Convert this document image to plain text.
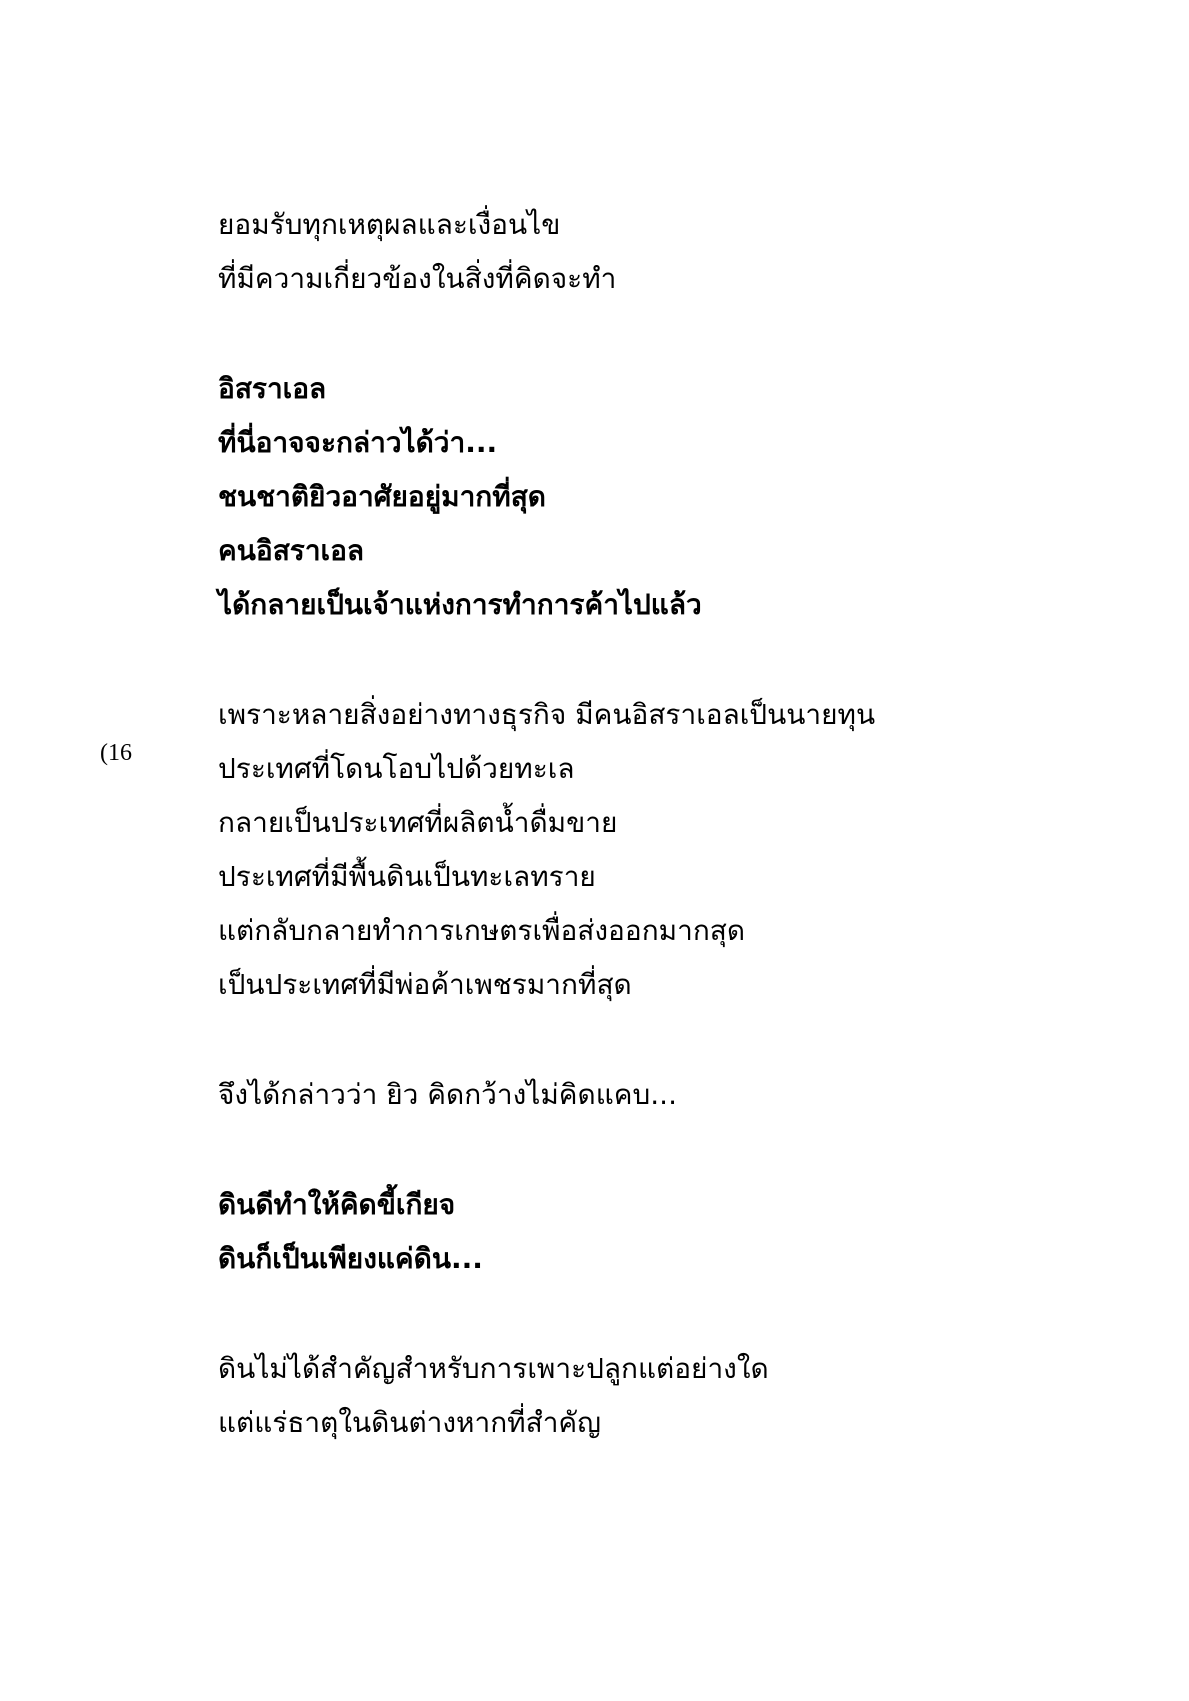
(16
ยอมรับทุกเหตุผลและเงื่อนไข
ที่มีความเกี่ยวข้องในสิ่งที่คิดจะทำ
อิสราเอล
ที่นี่อาจจะกล่าวได้ว่า...
ชนชาติยิวอาศัยอยู่มากที่สุด
คนอิสราเอล
ได้กลายเป็นเจ้าแห่งการทำการค้าไปแล้ว
เพราะหลายสิ่งอย่างทางธุรกิจ มีคนอิสราเอลเป็นนายทุน
ประเทศที่โดนโอบไปด้วยทะเล
กลายเป็นประเทศที่ผลิตน้ำดื่มขาย
ประเทศที่มีพื้นดินเป็นทะเลทราย
แต่กลับกลายทำการเกษตรเพื่อส่งออกมากสุด
เป็นประเทศที่มีพ่อค้าเพชรมากที่สุด
จึงได้กล่าวว่า ยิว คิดกว้างไม่คิดแคบ...
ดินดีทำให้คิดขี้เกียจ
ดินก็เป็นเพียงแค่ดิน...
ดินไม่ได้สำคัญสำหรับการเพาะปลูกแต่อย่างใด
แต่แร่ธาตุในดินต่างหากที่สำคัญ
